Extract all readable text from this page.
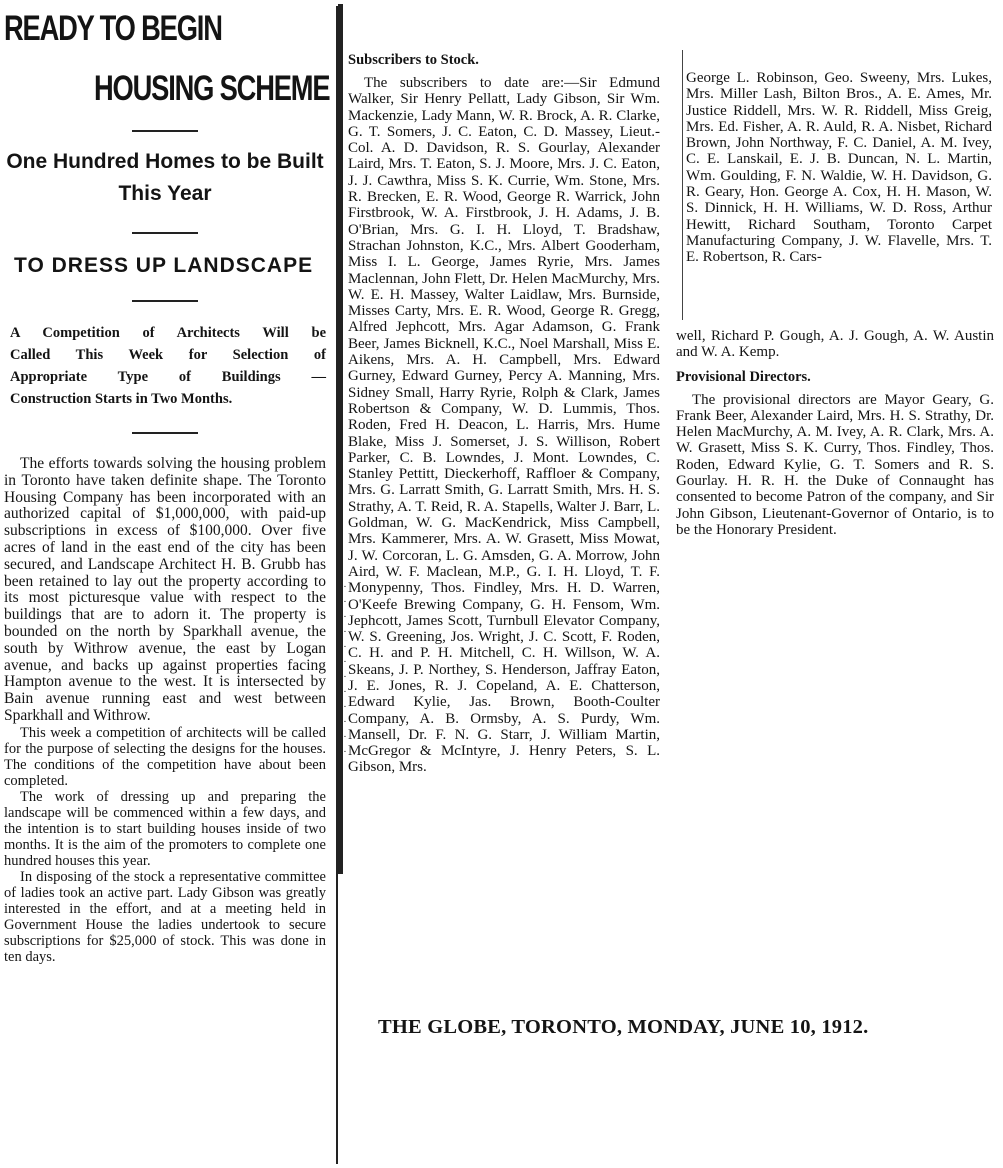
READY TO BEGIN
HOUSING SCHEME
One Hundred Homes to be Built This Year
TO DRESS UP LANDSCAPE
A Competition of Architects Will be
Called This Week for Selection of
Appropriate Type of Buildings —
Construction Starts in Two Months.

The efforts towards solving the housing problem in Toronto have taken definite shape. The Toronto Housing Company has been incorporated with an authorized capital of $1,000,000, with paid-up subscriptions in excess of $100,000. Over five acres of land in the east end of the city has been secured, and Landscape Architect H. B. Grubb has been retained to lay out the property according to its most picturesque value with respect to the buildings that are to adorn it. The property is bounded on the north by Sparkhall avenue, the south by Withrow avenue, the east by Logan avenue, and backs up against properties facing Hampton avenue to the west. It is intersected by Bain avenue running east and west between Sparkhall and Withrow.

This week a competition of architects will be called for the purpose of selecting the designs for the houses. The conditions of the competition have about been completed.

The work of dressing up and preparing the landscape will be commenced within a few days, and the intention is to start building houses inside of two months. It is the aim of the promoters to complete one hundred houses this year.

In disposing of the stock a representative committee of ladies took an active part. Lady Gibson was greatly interested in the effort, and at a meeting held in Government House the ladies undertook to secure subscriptions for $25,000 of stock. This was done in ten days.

·
·
·
·
·
·
·
·
·
·
·
·
Subscribers to Stock.

The subscribers to date are:—Sir Edmund Walker, Sir Henry Pellatt, Lady Gibson, Sir Wm. Mackenzie, Lady Mann, W. R. Brock, A. R. Clarke, G. T. Somers, J. C. Eaton, C. D. Massey, Lieut.-Col. A. D. Davidson, R. S. Gourlay, Alexander Laird, Mrs. T. Eaton, S. J. Moore, Mrs. J. C. Eaton, J. J. Cawthra, Miss S. K. Currie, Wm. Stone, Mrs. R. Brecken, E. R. Wood, George R. Warrick, John Firstbrook, W. A. Firstbrook, J. H. Adams, J. B. O'Brian, Mrs. G. I. H. Lloyd, T. Bradshaw, Strachan Johnston, K.C., Mrs. Albert Gooderham, Miss I. L. George, James Ryrie, Mrs. James Maclennan, John Flett, Dr. Helen MacMurchy, Mrs. W. E. H. Massey, Walter Laidlaw, Mrs. Burnside, Misses Carty, Mrs. E. R. Wood, George R. Gregg, Alfred Jephcott, Mrs. Agar Adamson, G. Frank Beer, James Bicknell, K.C., Noel Marshall, Miss E. Aikens, Mrs. A. H. Campbell, Mrs. Edward Gurney, Edward Gurney, Percy A. Manning, Mrs. Sidney Small, Harry Ryrie, Rolph & Clark, James Robertson & Company, W. D. Lummis, Thos. Roden, Fred H. Deacon, L. Harris, Mrs. Hume Blake, Miss J. Somerset, J. S. Willison, Robert Parker, C. B. Lowndes, J. Mont. Lowndes, C. Stanley Pettitt, Dieckerhoff, Raffloer & Company, Mrs. G. Larratt Smith, G. Larratt Smith, Mrs. H. S. Strathy, A. T. Reid, R. A. Stapells, Walter J. Barr, L. Goldman, W. G. MacKendrick, Miss Campbell, Mrs. Kammerer, Mrs. A. W. Grasett, Miss Mowat, J. W. Corcoran, L. G. Amsden, G. A. Morrow, John Aird, W. F. Maclean, M.P., G. I. H. Lloyd, T. F. Monypenny, Thos. Findley, Mrs. H. D. Warren, O'Keefe Brewing Company, G. H. Fensom, Wm. Jephcott, James Scott, Turnbull Elevator Company, W. S. Greening, Jos. Wright, J. C. Scott, F. Roden, C. H. and P. H. Mitchell, C. H. Willson, W. A. Skeans, J. P. Northey, S. Henderson, Jaffray Eaton, J. E. Jones, R. J. Copeland, A. E. Chatterson, Edward Kylie, Jas. Brown, Booth-Coulter Company, A. B. Ormsby, A. S. Purdy, Wm. Mansell, Dr. F. N. G. Starr, J. William Martin, McGregor & McIntyre, J. Henry Peters, S. L. Gibson, Mrs.

George L. Robinson, Geo. Sweeny, Mrs. Lukes, Mrs. Miller Lash, Bilton Bros., A. E. Ames, Mr. Justice Riddell, Mrs. W. R. Riddell, Miss Greig, Mrs. Ed. Fisher, A. R. Auld, R. A. Nisbet, Richard Brown, John Northway, F. C. Daniel, A. M. Ivey, C. E. Lanskail, E. J. B. Duncan, N. L. Martin, Wm. Goulding, F. N. Waldie, W. H. Davidson, G. R. Geary, Hon. George A. Cox, H. H. Mason, W. S. Dinnick, H. H. Williams, W. D. Ross, Arthur Hewitt, Richard Southam, Toronto Carpet Manufacturing Company, J. W. Flavelle, Mrs. T. E. Robertson, R. Cars-

well, Richard P. Gough, A. J. Gough, A. W. Austin and W. A. Kemp.

Provisional Directors.

The provisional directors are Mayor Geary, G. Frank Beer, Alexander Laird, Mrs. H. S. Strathy, Dr. Helen MacMurchy, A. M. Ivey, A. R. Clark, Mrs. A. W. Grasett, Miss S. K. Curry, Thos. Findley, Thos. Roden, Edward Kylie, G. T. Somers and R. S. Gourlay. H. R. H. the Duke of Connaught has consented to become Patron of the company, and Sir John Gibson, Lieutenant-Governor of Ontario, is to be the Honorary President.

THE GLOBE, TORONTO, MONDAY, JUNE 10, 1912.
